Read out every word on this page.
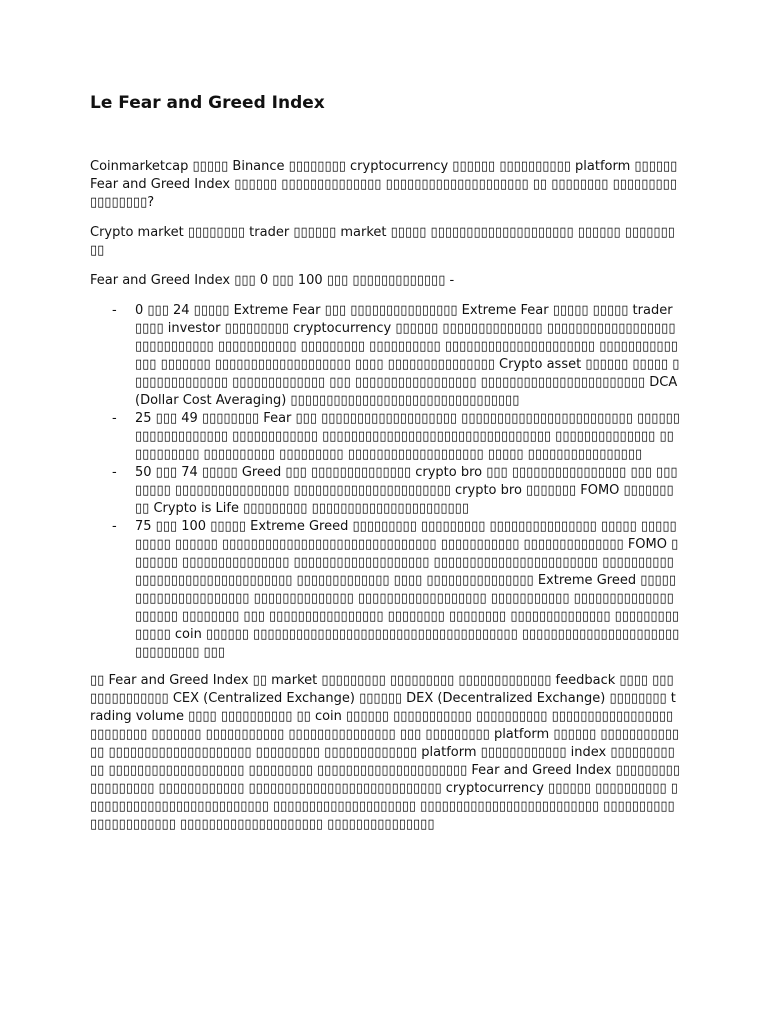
Le Fear and Greed Index

Coinmarketcap ▯▯▯▯▯ Binance ▯▯▯▯▯▯▯▯ cryptocurrency ▯▯▯▯▯▯ ▯▯▯▯▯▯▯▯▯▯ platform ▯▯▯▯▯▯ Fear and Greed Index ▯▯▯▯▯▯ ▯▯▯▯▯▯▯▯▯▯▯▯▯▯ ▯▯▯▯▯▯▯▯▯▯▯▯▯▯▯▯▯▯▯▯ ▯▯ ▯▯▯▯▯▯▯▯ ▯▯▯▯▯▯▯▯▯▯▯▯▯▯▯▯▯?

Crypto market ▯▯▯▯▯▯▯▯ trader ▯▯▯▯▯▯ market ▯▯▯▯▯ ▯▯▯▯▯▯▯▯▯▯▯▯▯▯▯▯▯▯▯▯ ▯▯▯▯▯▯ ▯▯▯▯▯▯▯▯▯

Fear and Greed Index ▯▯▯ 0 ▯▯▯ 100 ▯▯▯ ▯▯▯▯▯▯▯▯▯▯▯▯▯ -

- 0 ▯▯▯ 24 ▯▯▯▯▯ Extreme Fear ▯▯▯ ▯▯▯▯▯▯▯▯▯▯▯▯▯▯▯ Extreme Fear ▯▯▯▯▯ ▯▯▯▯▯ trader ▯▯▯▯ investor ▯▯▯▯▯▯▯▯▯ cryptocurrency ▯▯▯▯▯▯ ▯▯▯▯▯▯▯▯▯▯▯▯▯▯ ▯▯▯▯▯▯▯▯▯▯▯▯▯▯▯▯▯▯▯▯▯▯▯▯▯▯▯▯▯ ▯▯▯▯▯▯▯▯▯▯▯ ▯▯▯▯▯▯▯▯▯ ▯▯▯▯▯▯▯▯▯▯ ▯▯▯▯▯▯▯▯▯▯▯▯▯▯▯▯▯▯▯▯▯ ▯▯▯▯▯▯▯▯▯▯▯▯▯▯ ▯▯▯▯▯▯▯ ▯▯▯▯▯▯▯▯▯▯▯▯▯▯▯▯▯▯▯ ▯▯▯▯ ▯▯▯▯▯▯▯▯▯▯▯▯▯▯▯ Crypto asset ▯▯▯▯▯▯ ▯▯▯▯▯ ▯▯▯▯▯▯▯▯▯▯▯▯▯▯ ▯▯▯▯▯▯▯▯▯▯▯▯▯ ▯▯▯ ▯▯▯▯▯▯▯▯▯▯▯▯▯▯▯▯▯ ▯▯▯▯▯▯▯▯▯▯▯▯▯▯▯▯▯▯▯▯▯▯▯ DCA (Dollar Cost Averaging) ▯▯▯▯▯▯▯▯▯▯▯▯▯▯▯▯▯▯▯▯▯▯▯▯▯▯▯▯▯▯▯▯
- 25 ▯▯▯ 49 ▯▯▯▯▯▯▯▯ Fear ▯▯▯ ▯▯▯▯▯▯▯▯▯▯▯▯▯▯▯▯▯▯▯ ▯▯▯▯▯▯▯▯▯▯▯▯▯▯▯▯▯▯▯▯▯▯▯▯ ▯▯▯▯▯▯▯▯▯▯▯▯▯▯▯▯▯▯▯ ▯▯▯▯▯▯▯▯▯▯▯▯ ▯▯▯▯▯▯▯▯▯▯▯▯▯▯▯▯▯▯▯▯▯▯▯▯▯▯▯▯▯▯▯▯ ▯▯▯▯▯▯▯▯▯▯▯▯▯▯ ▯▯▯▯▯▯▯▯▯▯▯ ▯▯▯▯▯▯▯▯▯▯ ▯▯▯▯▯▯▯▯▯ ▯▯▯▯▯▯▯▯▯▯▯▯▯▯▯▯▯▯▯ ▯▯▯▯▯ ▯▯▯▯▯▯▯▯▯▯▯▯▯▯▯▯
- 50 ▯▯▯ 74 ▯▯▯▯▯ Greed ▯▯▯ ▯▯▯▯▯▯▯▯▯▯▯▯▯▯ crypto bro ▯▯▯ ▯▯▯▯▯▯▯▯▯▯▯▯▯▯▯▯ ▯▯▯ ▯▯▯▯▯▯▯▯ ▯▯▯▯▯▯▯▯▯▯▯▯▯▯▯▯ ▯▯▯▯▯▯▯▯▯▯▯▯▯▯▯▯▯▯▯▯▯▯ crypto bro ▯▯▯▯▯▯▯ FOMO ▯▯▯▯▯▯▯▯▯ Crypto is Life ▯▯▯▯▯▯▯▯▯ ▯▯▯▯▯▯▯▯▯▯▯▯▯▯▯▯▯▯▯▯▯▯
- 75 ▯▯▯ 100 ▯▯▯▯▯ Extreme Greed ▯▯▯▯▯▯▯▯▯ ▯▯▯▯▯▯▯▯▯ ▯▯▯▯▯▯▯▯▯▯▯▯▯▯▯ ▯▯▯▯▯ ▯▯▯▯▯▯▯▯▯▯ ▯▯▯▯▯▯ ▯▯▯▯▯▯▯▯▯▯▯▯▯▯▯▯▯▯▯▯▯▯▯▯▯▯▯▯▯▯ ▯▯▯▯▯▯▯▯▯▯▯ ▯▯▯▯▯▯▯▯▯▯▯▯▯▯ FOMO ▯▯▯▯▯▯▯ ▯▯▯▯▯▯▯▯▯▯▯▯▯▯▯ ▯▯▯▯▯▯▯▯▯▯▯▯▯▯▯▯▯▯▯ ▯▯▯▯▯▯▯▯▯▯▯▯▯▯▯▯▯▯▯▯▯▯▯ ▯▯▯▯▯▯▯▯▯▯▯▯▯▯▯▯▯▯▯▯▯▯▯▯▯▯▯▯▯▯▯▯ ▯▯▯▯▯▯▯▯▯▯▯▯▯ ▯▯▯▯ ▯▯▯▯▯▯▯▯▯▯▯▯▯▯▯ Extreme Greed ▯▯▯▯▯▯▯▯▯▯▯▯▯▯▯▯▯▯▯▯▯ ▯▯▯▯▯▯▯▯▯▯▯▯▯▯ ▯▯▯▯▯▯▯▯▯▯▯▯▯▯▯▯▯▯ ▯▯▯▯▯▯▯▯▯▯▯ ▯▯▯▯▯▯▯▯▯▯▯▯▯▯▯▯▯▯▯▯ ▯▯▯▯▯▯▯▯ ▯▯▯ ▯▯▯▯▯▯▯▯▯▯▯▯▯▯▯▯ ▯▯▯▯▯▯▯▯ ▯▯▯▯▯▯▯▯ ▯▯▯▯▯▯▯▯▯▯▯▯▯▯ ▯▯▯▯▯▯▯▯▯▯▯▯▯▯ coin ▯▯▯▯▯▯ ▯▯▯▯▯▯▯▯▯▯▯▯▯▯▯▯▯▯▯▯▯▯▯▯▯▯▯▯▯▯▯▯▯▯▯▯▯ ▯▯▯▯▯▯▯▯▯▯▯▯▯▯▯▯▯▯▯▯▯▯▯▯▯▯▯▯▯▯▯ ▯▯▯

▯▯ Fear and Greed Index ▯▯ market ▯▯▯▯▯▯▯▯▯ ▯▯▯▯▯▯▯▯▯ ▯▯▯▯▯▯▯▯▯▯▯▯▯ feedback ▯▯▯▯ ▯▯▯▯▯▯▯▯▯▯▯▯▯▯ CEX (Centralized Exchange) ▯▯▯▯▯▯ DEX (Decentralized Exchange) ▯▯▯▯▯▯▯▯ trading volume ▯▯▯▯ ▯▯▯▯▯▯▯▯▯▯ ▯▯ coin ▯▯▯▯▯▯ ▯▯▯▯▯▯▯▯▯▯▯ ▯▯▯▯▯▯▯▯▯▯ ▯▯▯▯▯▯▯▯▯▯▯▯▯▯▯▯▯▯▯▯▯▯▯▯▯ ▯▯▯▯▯▯▯ ▯▯▯▯▯▯▯▯▯▯▯ ▯▯▯▯▯▯▯▯▯▯▯▯▯▯▯ ▯▯▯ ▯▯▯▯▯▯▯▯▯ platform ▯▯▯▯▯▯ ▯▯▯▯▯▯▯▯▯▯▯▯▯ ▯▯▯▯▯▯▯▯▯▯▯▯▯▯▯▯▯▯▯▯ ▯▯▯▯▯▯▯▯▯ ▯▯▯▯▯▯▯▯▯▯▯▯▯ platform ▯▯▯▯▯▯▯▯▯▯▯▯ index ▯▯▯▯▯▯▯▯▯▯▯ ▯▯▯▯▯▯▯▯▯▯▯▯▯▯▯▯▯▯▯ ▯▯▯▯▯▯▯▯▯ ▯▯▯▯▯▯▯▯▯▯▯▯▯▯▯▯▯▯▯▯▯ Fear and Greed Index ▯▯▯▯▯▯▯▯▯ ▯▯▯▯▯▯▯▯▯ ▯▯▯▯▯▯▯▯▯▯▯▯ ▯▯▯▯▯▯▯▯▯▯▯▯▯▯▯▯▯▯▯▯▯▯▯▯▯▯▯ cryptocurrency ▯▯▯▯▯▯ ▯▯▯▯▯▯▯▯▯▯ ▯▯▯▯▯▯▯▯▯▯▯▯▯▯▯▯▯▯▯▯▯▯▯▯▯▯ ▯▯▯▯▯▯▯▯▯▯▯▯▯▯▯▯▯▯▯▯ ▯▯▯▯▯▯▯▯▯▯▯▯▯▯▯▯▯▯▯▯▯▯▯▯▯ ▯▯▯▯▯▯▯▯▯▯▯▯▯▯▯▯▯▯▯▯▯▯ ▯▯▯▯▯▯▯▯▯▯▯▯▯▯▯▯▯▯▯▯ ▯▯▯▯▯▯▯▯▯▯▯▯▯▯▯
